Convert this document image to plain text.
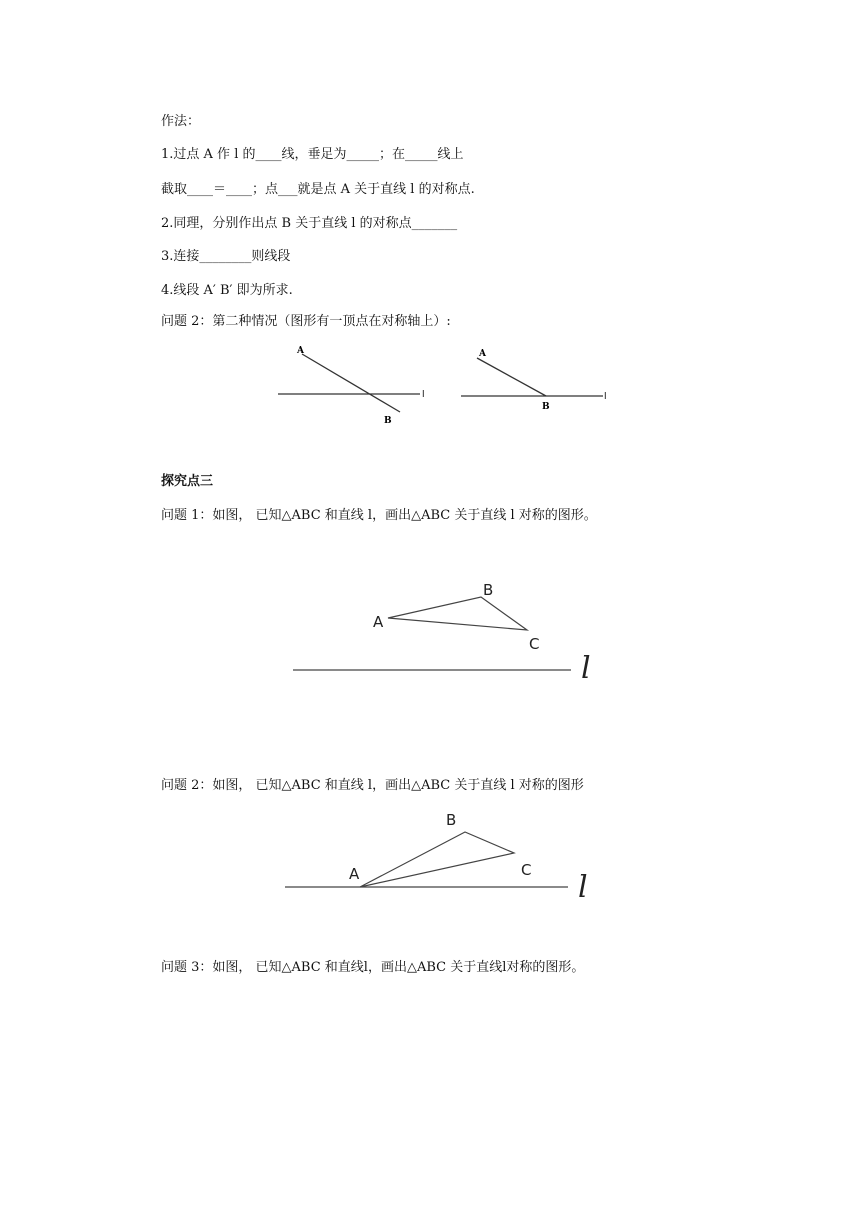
作法：
1.过点 A 作 l 的____线，垂足为_____；在_____线上
截取____＝____；点___就是点 A 关于直线 l 的对称点.
2.同理，分别作出点 B 关于直线 l 的对称点_______
3.连接________则线段
4.线段 A′ B′ 即为所求.
问题 2：第二种情况（图形有一顶点在对称轴上）:
A
B
l
A
B
l
探究点三
问题 1：如图， 已知△ABC 和直线 l，画出△ABC 关于直线 l 对称的图形。
A
B
C
l
问题 2：如图， 已知△ABC 和直线 l，画出△ABC 关于直线 l 对称的图形
A
B
C l
问题 3：如图， 已知△ABC 和直线l，画出△ABC 关于直线l对称的图形。
